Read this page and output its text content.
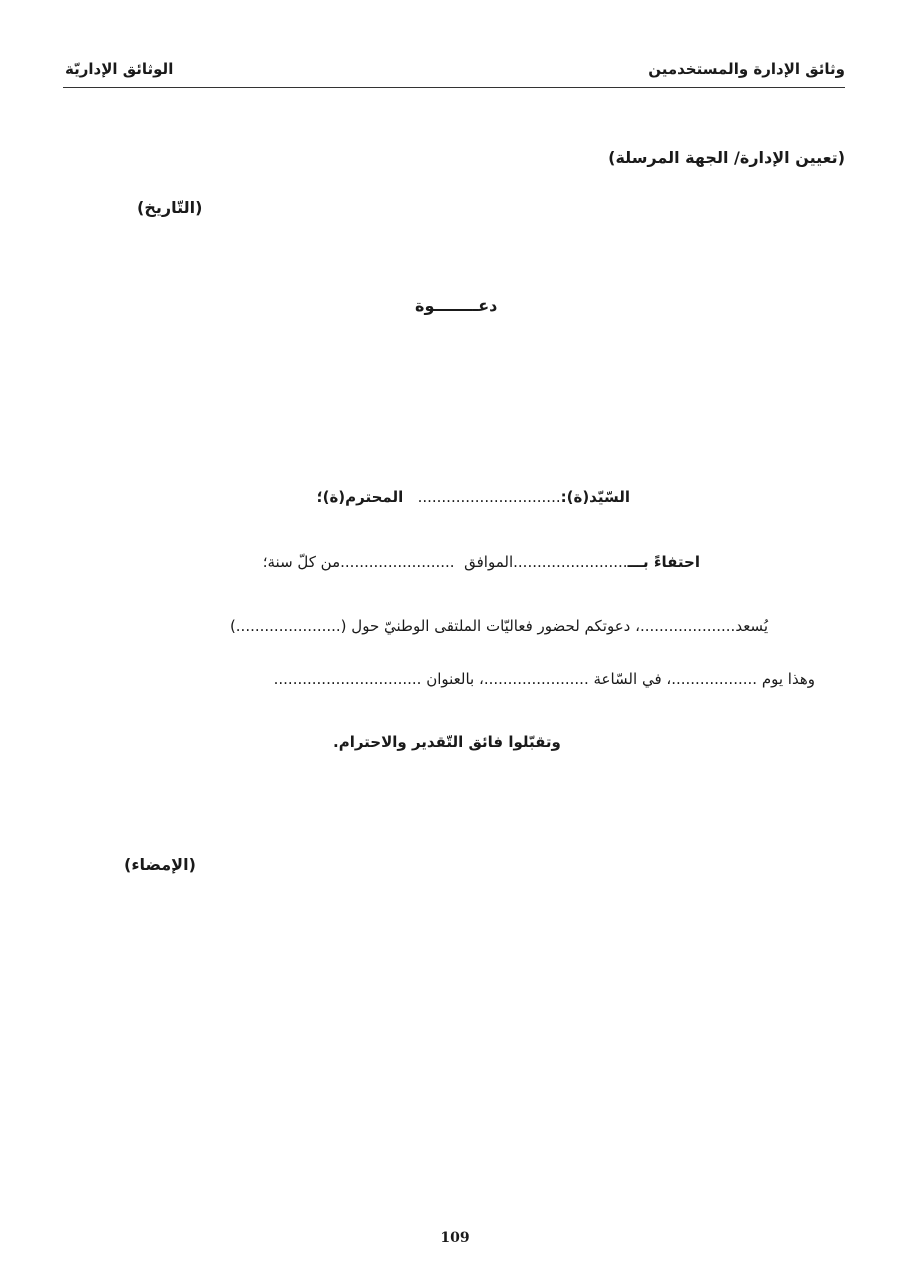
وثائق الإدارة والمستخدمين
الوثائق الإداريّة
(تعيين الإدارة/ الجهة المرسلة)
(التّاريخ)
دعــــــــوة
السّيّد(ة):..............................   المحترم(ة)؛
احتفاءً بـــ........................الموافق  ........................من كلّ سنة؛
يُسعد....................، دعوتكم لحضور فعاليّات الملتقى الوطنيّ حول (......................)
وهذا يوم ..................، في السّاعة ......................، بالعنوان ...............................
وتقبّلوا فائق التّقدير والاحترام.
(الإمضاء)
109
